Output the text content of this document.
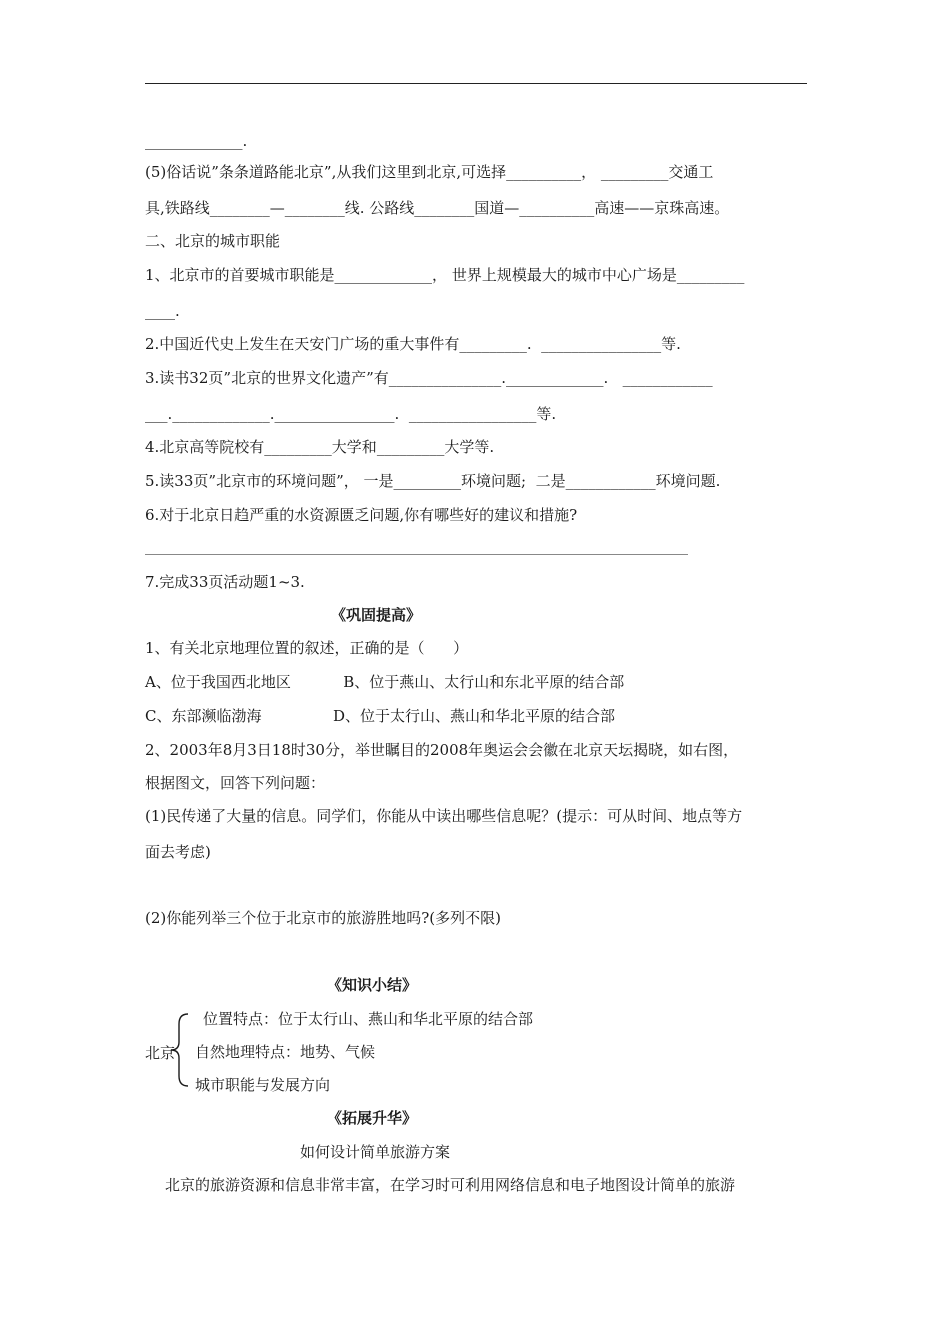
_____________.
(5)俗话说”条条道路能北京”,从我们这里到北京,可选择__________， _________交通工
具,铁路线________—________线. 公路线________国道—__________高速——京珠高速。
二、北京的城市职能
1、北京市的首要城市职能是_____________， 世界上规模最大的城市中心广场是_________
____.
2.中国近代史上发生在天安门广场的重大事件有_________.  ________________等.
3.读书32页”北京的世界文化遗产”有_______________._____________.   ____________
___._____________.________________.  _________________等.
4.北京高等院校有_________大学和_________大学等.
5.读33页”北京市的环境问题”， 一是_________环境问题;  二是____________环境问题.
6.对于北京日趋严重的水资源匮乏问题,你有哪些好的建议和措施?
7.完成33页活动题1~3.
《巩固提高》
1、有关北京地理位置的叙述，正确的是（      ）
A、位于我国西北地区           B、位于燕山、太行山和东北平原的结合部
C、东部濒临渤海               D、位于太行山、燕山和华北平原的结合部
2、2003年8月3日18时30分，举世瞩目的2008年奥运会会徽在北京天坛揭晓，如右图，
根据图文，回答下列问题：
(1)民传递了大量的信息。同学们，你能从中读出哪些信息呢？(提示：可从时间、地点等方
面去考虑)
(2)你能列举三个位于北京市的旅游胜地吗?(多列不限)
《知识小结》
北京
位置特点：位于太行山、燕山和华北平原的结合部
自然地理特点：地势、气候
城市职能与发展方向
《拓展升华》
如何设计简单旅游方案
北京的旅游资源和信息非常丰富，在学习时可利用网络信息和电子地图设计简单的旅游
